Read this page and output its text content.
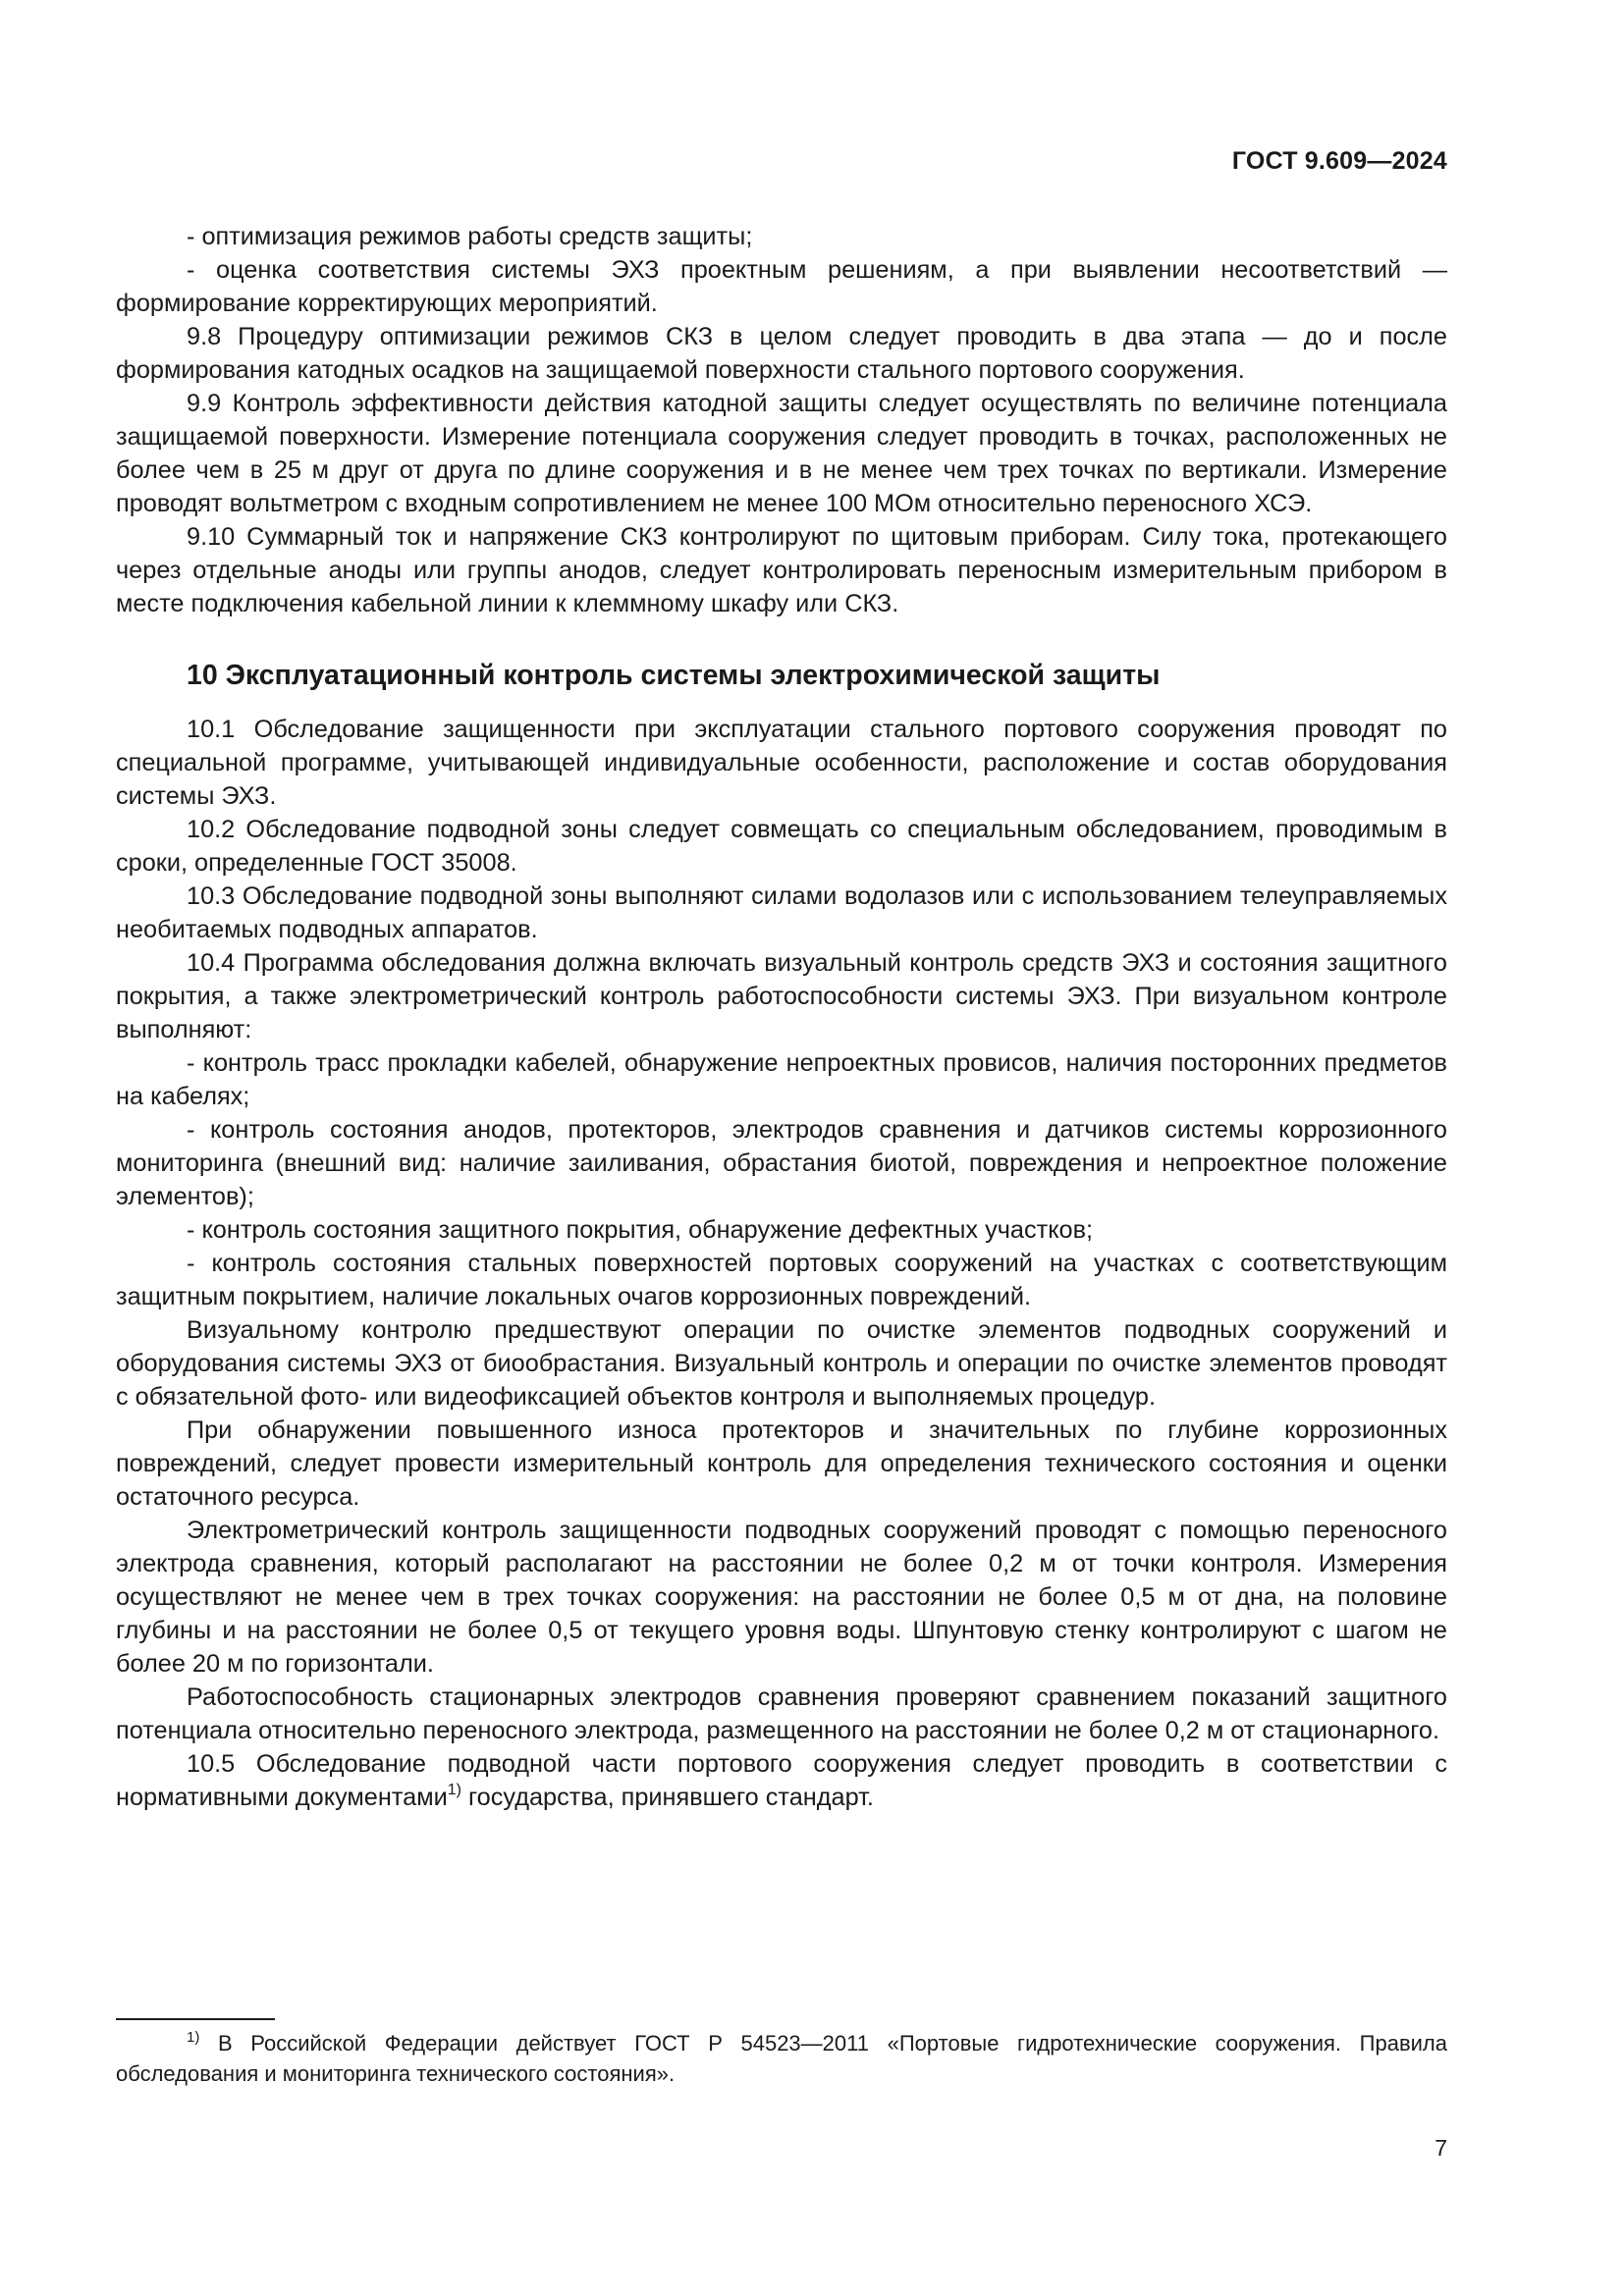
ГОСТ 9.609—2024

- оптимизация режимов работы средств защиты;

- оценка соответствия системы ЭХЗ проектным решениям, а при выявлении несоответствий — формирование корректирующих мероприятий.

9.8 Процедуру оптимизации режимов СКЗ в целом следует проводить в два этапа — до и после формирования катодных осадков на защищаемой поверхности стального портового сооружения.

9.9 Контроль эффективности действия катодной защиты следует осуществлять по величине потенциала защищаемой поверхности. Измерение потенциала сооружения следует проводить в точках, расположенных не более чем в 25 м друг от друга по длине сооружения и в не менее чем трех точках по вертикали. Измерение проводят вольтметром с входным сопротивлением не менее 100 МОм относительно переносного ХСЭ.

9.10 Суммарный ток и напряжение СКЗ контролируют по щитовым приборам. Силу тока, протекающего через отдельные аноды или группы анодов, следует контролировать переносным измерительным прибором в месте подключения кабельной линии к клеммному шкафу или СКЗ.

10 Эксплуатационный контроль системы электрохимической защиты

10.1 Обследование защищенности при эксплуатации стального портового сооружения проводят по специальной программе, учитывающей индивидуальные особенности, расположение и состав оборудования системы ЭХЗ.

10.2 Обследование подводной зоны следует совмещать со специальным обследованием, проводимым в сроки, определенные ГОСТ 35008.

10.3 Обследование подводной зоны выполняют силами водолазов или с использованием телеуправляемых необитаемых подводных аппаратов.

10.4 Программа обследования должна включать визуальный контроль средств ЭХЗ и состояния защитного покрытия, а также электрометрический контроль работоспособности системы ЭХЗ. При визуальном контроле выполняют:

- контроль трасс прокладки кабелей, обнаружение непроектных провисов, наличия посторонних предметов на кабелях;

- контроль состояния анодов, протекторов, электродов сравнения и датчиков системы коррозионного мониторинга (внешний вид: наличие заиливания, обрастания биотой, повреждения и непроектное положение элементов);

- контроль состояния защитного покрытия, обнаружение дефектных участков;

- контроль состояния стальных поверхностей портовых сооружений на участках с соответствующим защитным покрытием, наличие локальных очагов коррозионных повреждений.

Визуальному контролю предшествуют операции по очистке элементов подводных сооружений и оборудования системы ЭХЗ от биообрастания. Визуальный контроль и операции по очистке элементов проводят с обязательной фото- или видеофиксацией объектов контроля и выполняемых процедур.

При обнаружении повышенного износа протекторов и значительных по глубине коррозионных повреждений, следует провести измерительный контроль для определения технического состояния и оценки остаточного ресурса.

Электрометрический контроль защищенности подводных сооружений проводят с помощью переносного электрода сравнения, который располагают на расстоянии не более 0,2 м от точки контроля. Измерения осуществляют не менее чем в трех точках сооружения: на расстоянии не более 0,5 м от дна, на половине глубины и на расстоянии не более 0,5 от текущего уровня воды. Шпунтовую стенку контролируют с шагом не более 20 м по горизонтали.

Работоспособность стационарных электродов сравнения проверяют сравнением показаний защитного потенциала относительно переносного электрода, размещенного на расстоянии не более 0,2 м от стационарного.

10.5 Обследование подводной части портового сооружения следует проводить в соответствии с нормативными документами$^{1)}$ государства, принявшего стандарт.

$^{1)}$ В Российской Федерации действует ГОСТ Р 54523—2011 «Портовые гидротехнические сооружения. Правила обследования и мониторинга технического состояния».
7
